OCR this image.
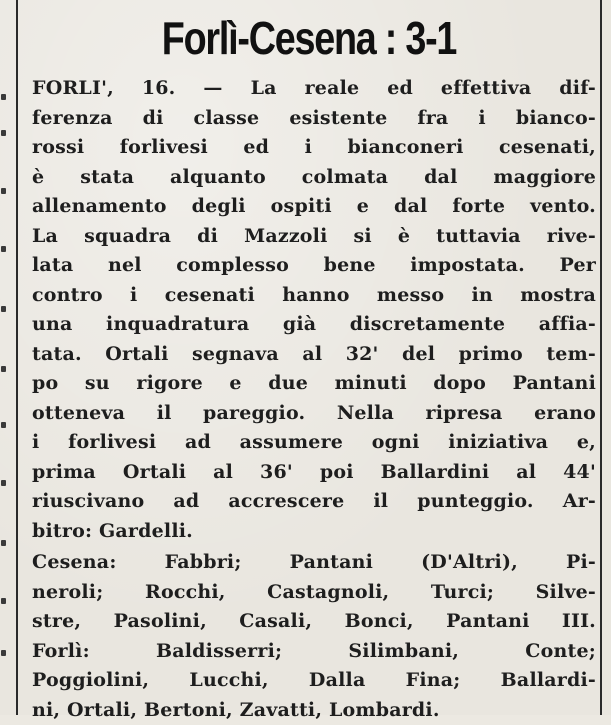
Forlì-Cesena : 3-1
FORLI', 16. — La reale ed effettiva dif-
ferenza di classe esistente fra i bianco-
rossi forlivesi ed i bianconeri cesenati,
è stata alquanto colmata dal maggiore
allenamento degli ospiti e dal forte vento.
La squadra di Mazzoli si è tuttavia rive-
lata nel complesso bene impostata. Per
contro i cesenati hanno messo in mostra
una inquadratura già discretamente affia-
tata. Ortali segnava al 32' del primo tem-
po su rigore e due minuti dopo Pantani
otteneva il pareggio. Nella ripresa erano
i forlivesi ad assumere ogni iniziativa e,
prima Ortali al 36' poi Ballardini al 44'
riuscivano ad accrescere il punteggio. Ar-
bitro: Gardelli.
Cesena: Fabbri; Pantani (D'Altri), Pi-
neroli; Rocchi, Castagnoli, Turci; Silve-
stre, Pasolini, Casali, Bonci, Pantani III.
Forlì: Baldisserri; Silimbani, Conte;
Poggiolini, Lucchi, Dalla Fina; Ballardi-
ni, Ortali, Bertoni, Zavatti, Lombardi.
